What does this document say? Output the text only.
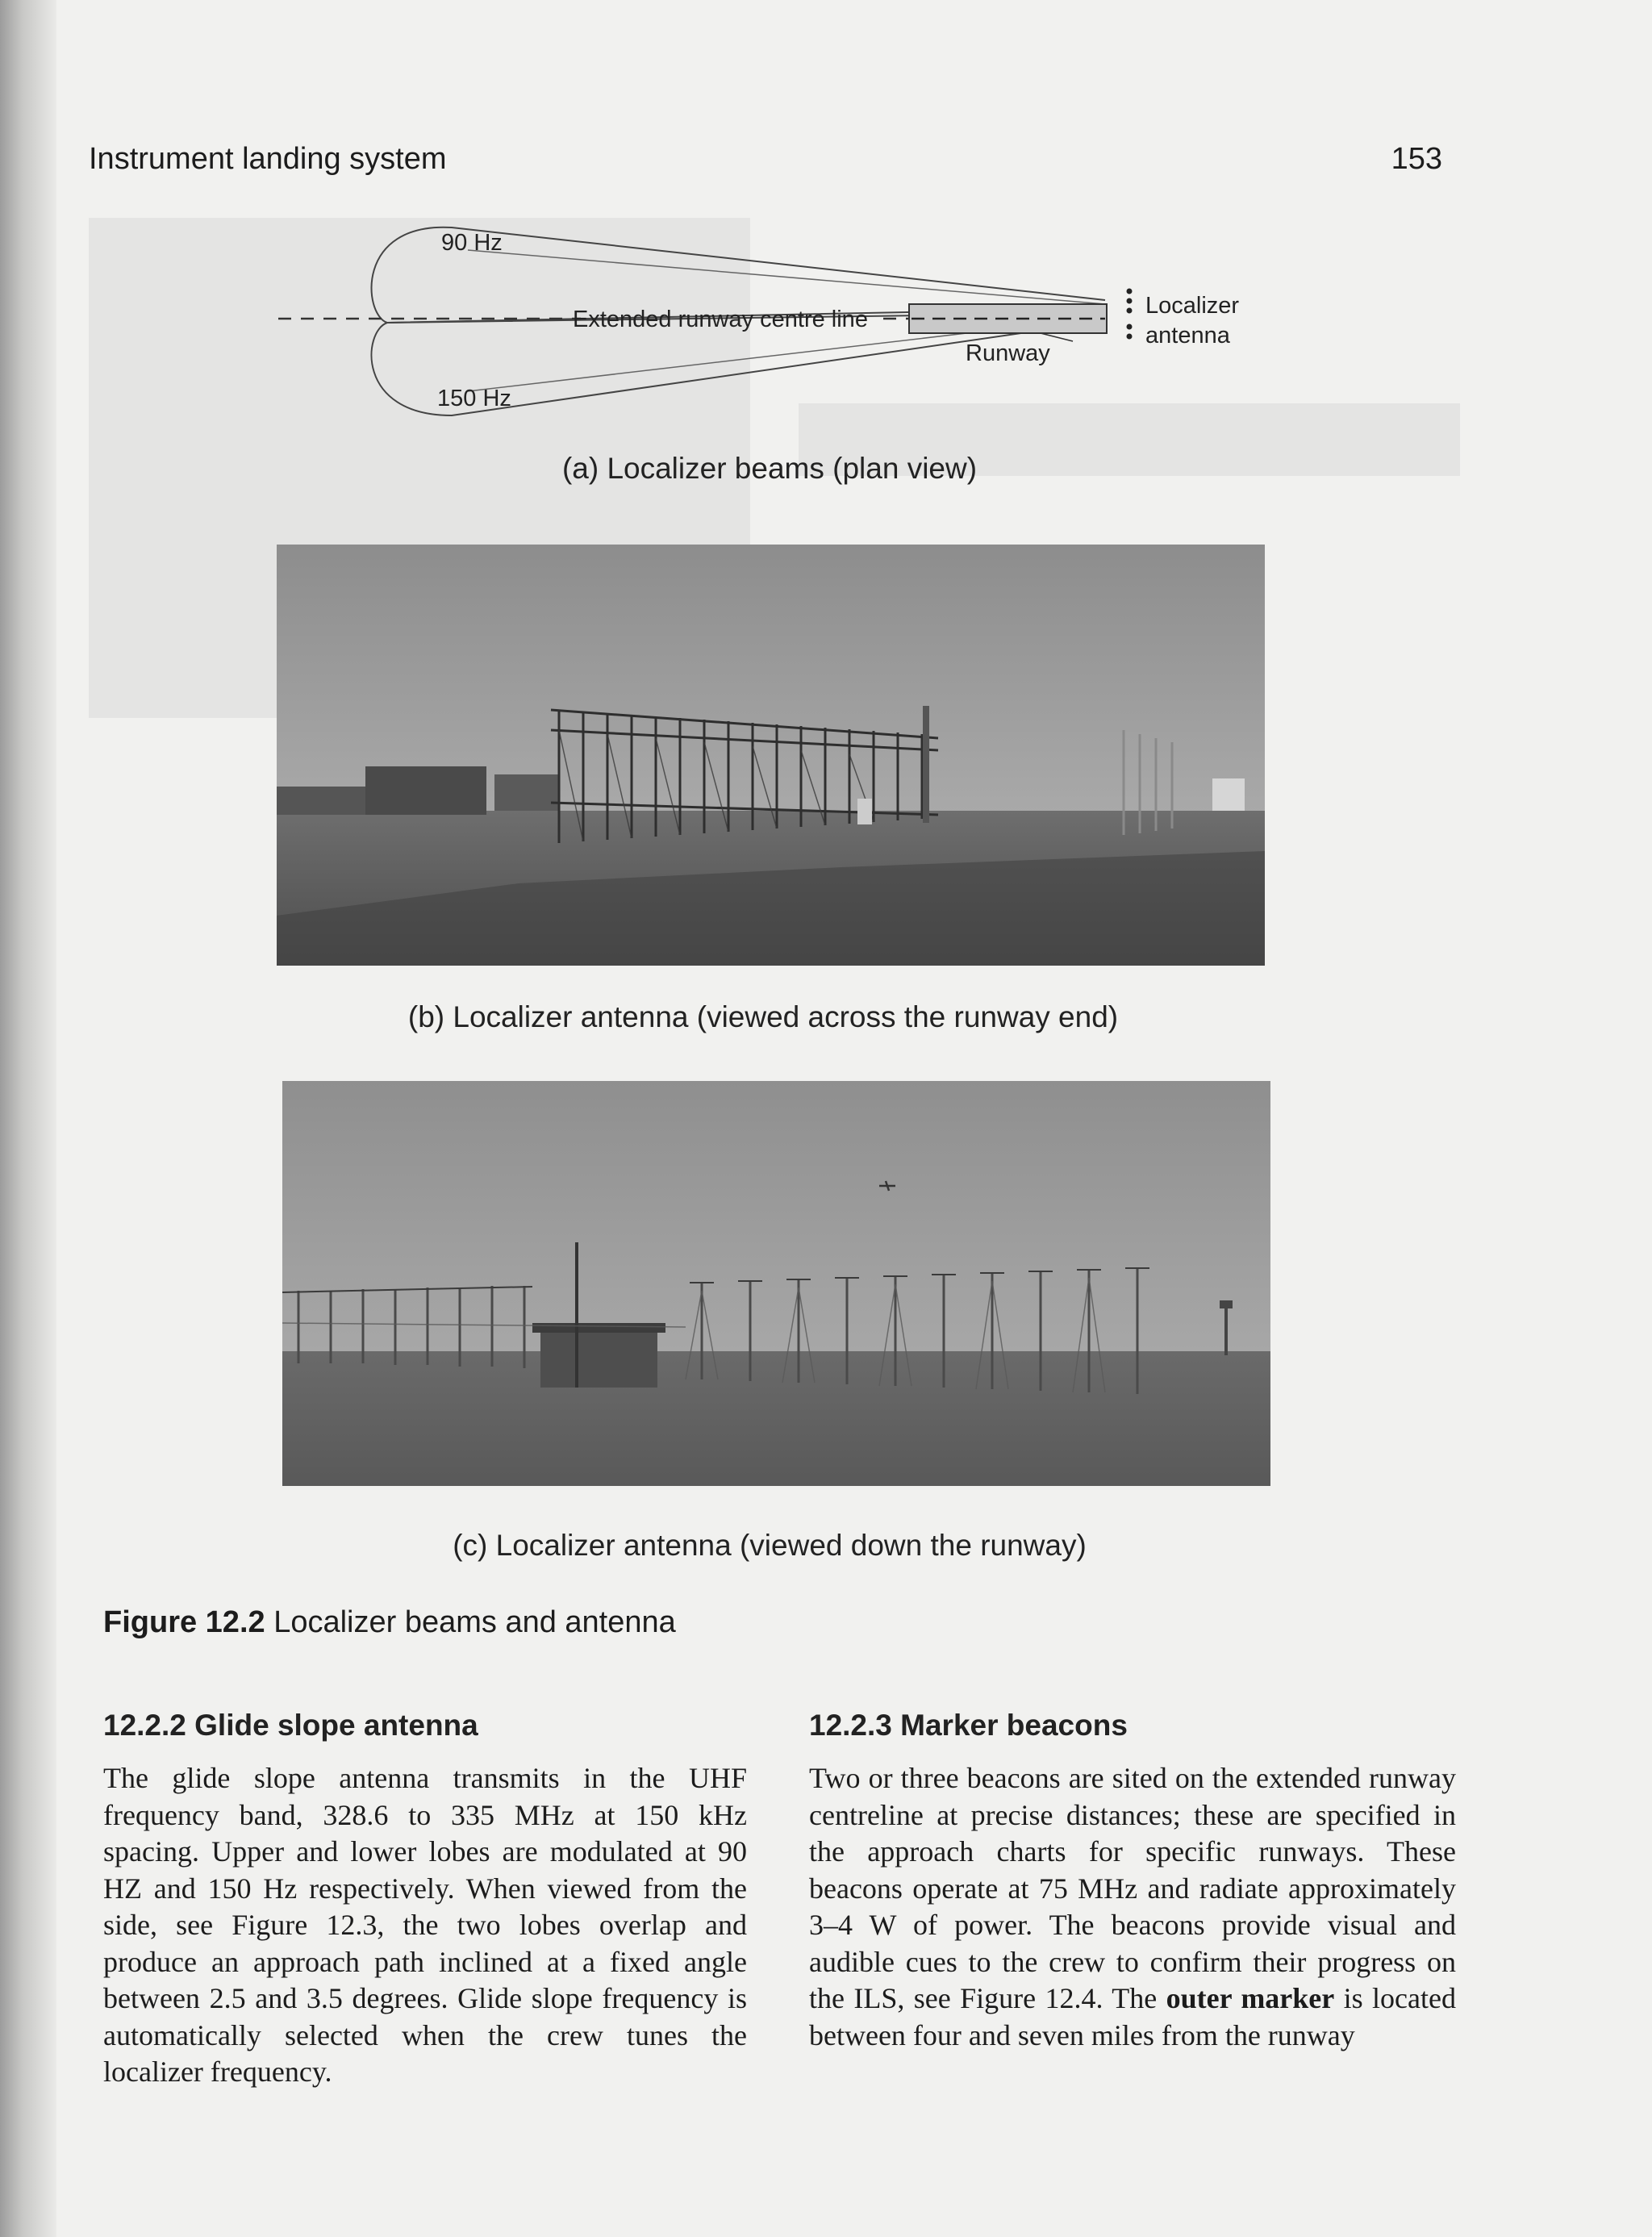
Instrument landing system	153
90 Hz
150 Hz
Extended runway centre line
Runway
Localizer
antenna
(a) Localizer beams (plan view)
(b) Localizer antenna (viewed across the runway end)
(c) Localizer antenna (viewed down the runway)
Figure 12.2 Localizer beams and antenna
12.2.2 Glide slope antenna

The glide slope antenna transmits in the UHF frequency band, 328.6 to 335 MHz at 150 kHz spacing. Upper and lower lobes are modulated at 90 HZ and 150 Hz respectively. When viewed from the side, see Figure 12.3, the two lobes overlap and produce an approach path inclined at a fixed angle between 2.5 and 3.5 degrees. Glide slope frequency is automatically selected when the crew tunes the localizer frequency.

12.2.3 Marker beacons

Two or three beacons are sited on the extended runway centreline at precise distances; these are specified in the approach charts for specific runways. These beacons operate at 75 MHz and radiate approximately 3–4 W of power. The beacons provide visual and audible cues to the crew to confirm their progress on the ILS, see Figure 12.4. The outer marker is located between four and seven miles from the runway
